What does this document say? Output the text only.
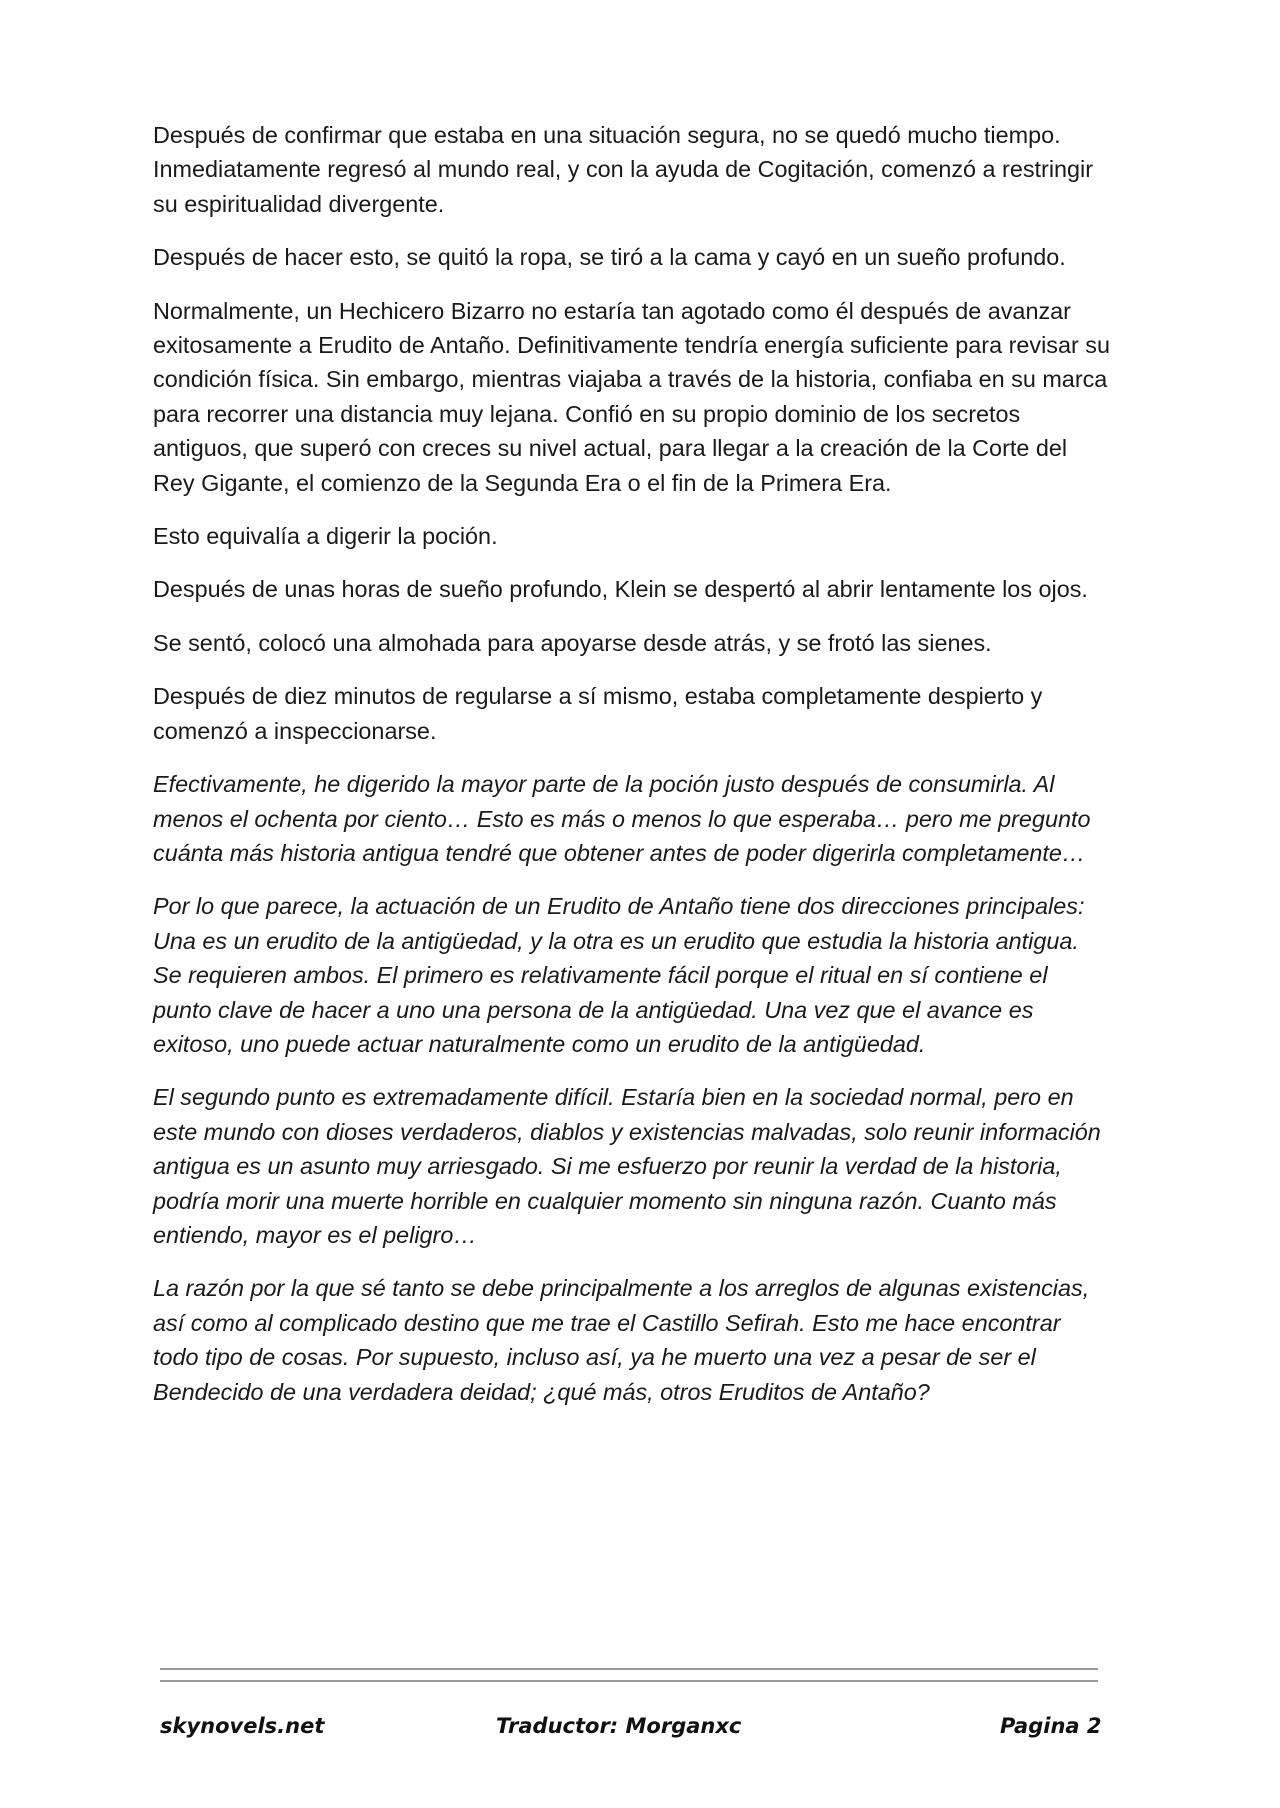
Después de confirmar que estaba en una situación segura, no se quedó mucho tiempo. Inmediatamente regresó al mundo real, y con la ayuda de Cogitación, comenzó a restringir su espiritualidad divergente.

Después de hacer esto, se quitó la ropa, se tiró a la cama y cayó en un sueño profundo.

Normalmente, un Hechicero Bizarro no estaría tan agotado como él después de avanzar exitosamente a Erudito de Antaño. Definitivamente tendría energía suficiente para revisar su condición física. Sin embargo, mientras viajaba a través de la historia, confiaba en su marca para recorrer una distancia muy lejana. Confió en su propio dominio de los secretos antiguos, que superó con creces su nivel actual, para llegar a la creación de la Corte del Rey Gigante, el comienzo de la Segunda Era o el fin de la Primera Era.

Esto equivalía a digerir la poción.

Después de unas horas de sueño profundo, Klein se despertó al abrir lentamente los ojos.

Se sentó, colocó una almohada para apoyarse desde atrás, y se frotó las sienes.

Después de diez minutos de regularse a sí mismo, estaba completamente despierto y comenzó a inspeccionarse.

Efectivamente, he digerido la mayor parte de la poción justo después de consumirla. Al menos el ochenta por ciento… Esto es más o menos lo que esperaba… pero me pregunto cuánta más historia antigua tendré que obtener antes de poder digerirla completamente…

Por lo que parece, la actuación de un Erudito de Antaño tiene dos direcciones principales: Una es un erudito de la antigüedad, y la otra es un erudito que estudia la historia antigua. Se requieren ambos. El primero es relativamente fácil porque el ritual en sí contiene el punto clave de hacer a uno una persona de la antigüedad. Una vez que el avance es exitoso, uno puede actuar naturalmente como un erudito de la antigüedad.

El segundo punto es extremadamente difícil. Estaría bien en la sociedad normal, pero en este mundo con dioses verdaderos, diablos y existencias malvadas, solo reunir información antigua es un asunto muy arriesgado. Si me esfuerzo por reunir la verdad de la historia, podría morir una muerte horrible en cualquier momento sin ninguna razón. Cuanto más entiendo, mayor es el peligro…

La razón por la que sé tanto se debe principalmente a los arreglos de algunas existencias, así como al complicado destino que me trae el Castillo Sefirah. Esto me hace encontrar todo tipo de cosas. Por supuesto, incluso así, ya he muerto una vez a pesar de ser el Bendecido de una verdadera deidad; ¿qué más, otros Eruditos de Antaño?

skynovels.net	Traductor: Morganxc	Pagina 2
